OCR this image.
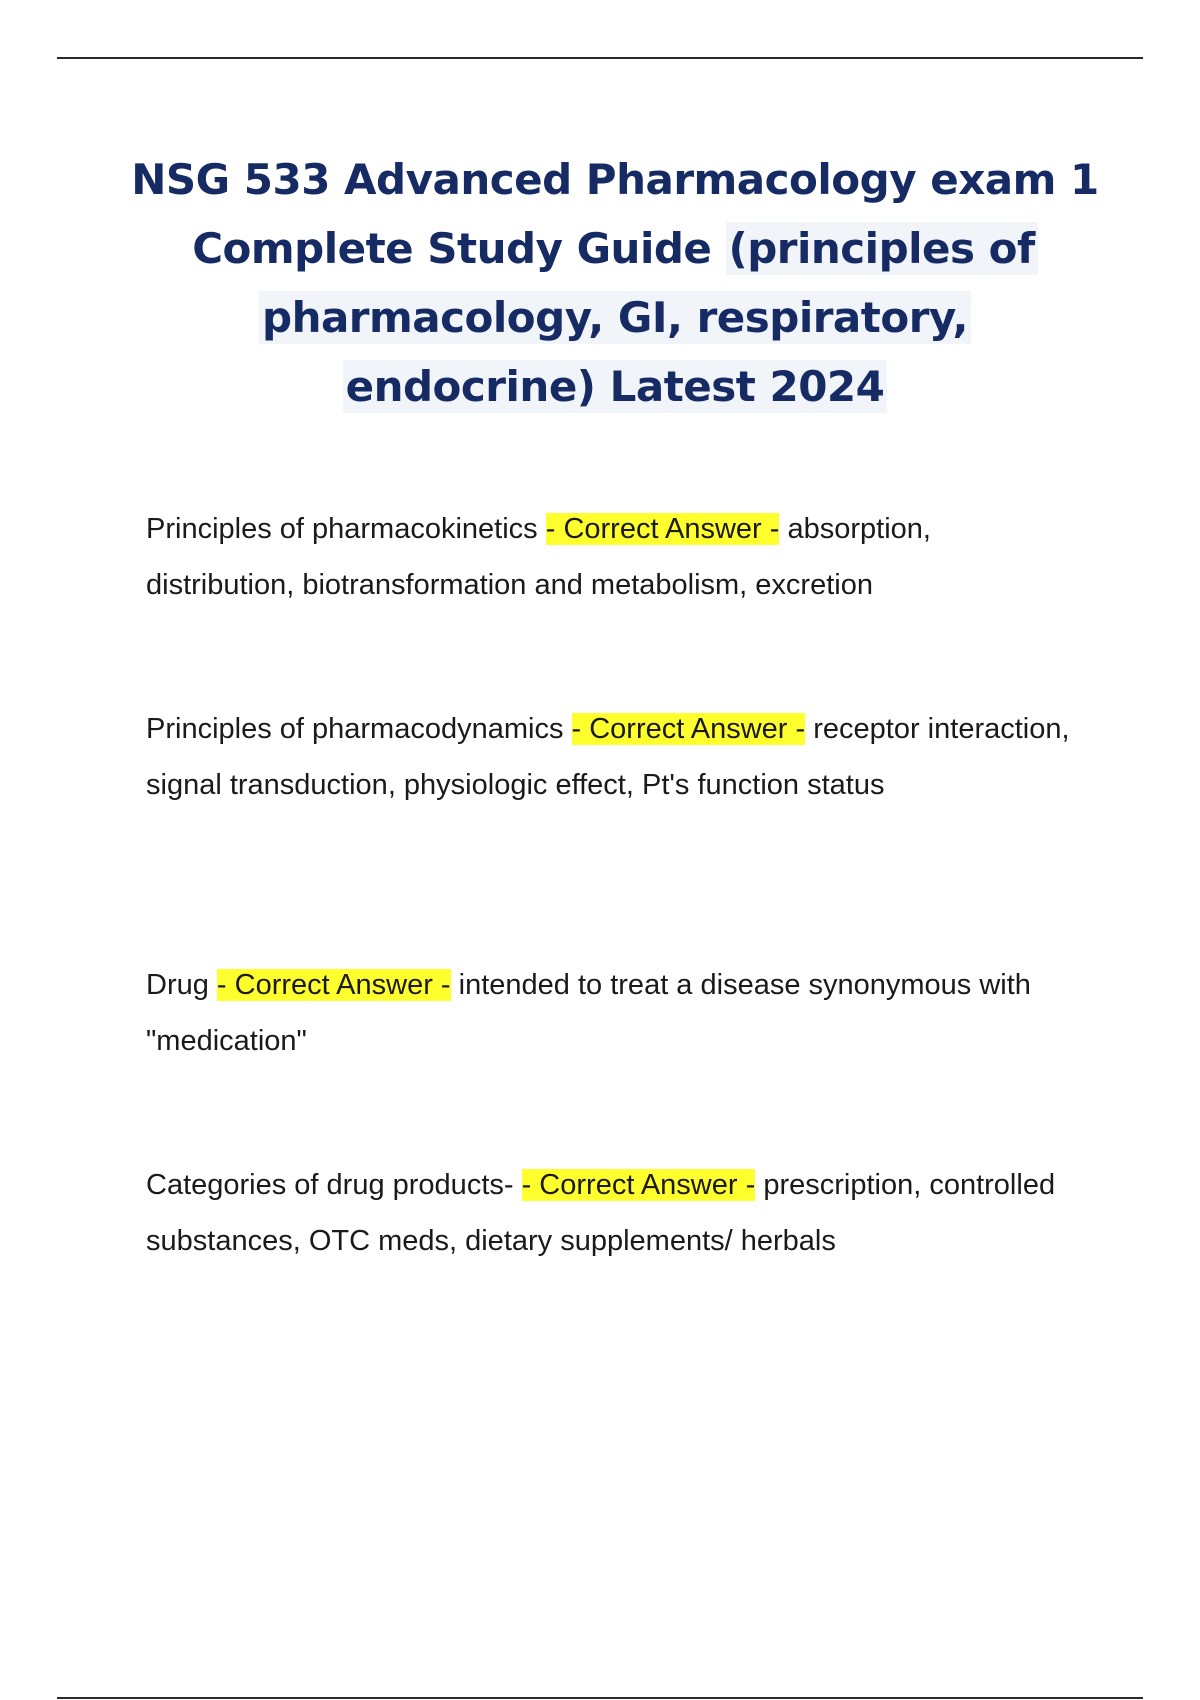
NSG 533 Advanced Pharmacology exam 1 Complete Study Guide (principles of pharmacology, GI, respiratory, endocrine) Latest 2024

Principles of pharmacokinetics - Correct Answer - absorption, distribution, biotransformation and metabolism, excretion

Principles of pharmacodynamics - Correct Answer - receptor interaction, signal transduction, physiologic effect, Pt's function status

Drug - Correct Answer - intended to treat a disease synonymous with "medication"

Categories of drug products- - Correct Answer - prescription, controlled substances, OTC meds, dietary supplements/ herbals
